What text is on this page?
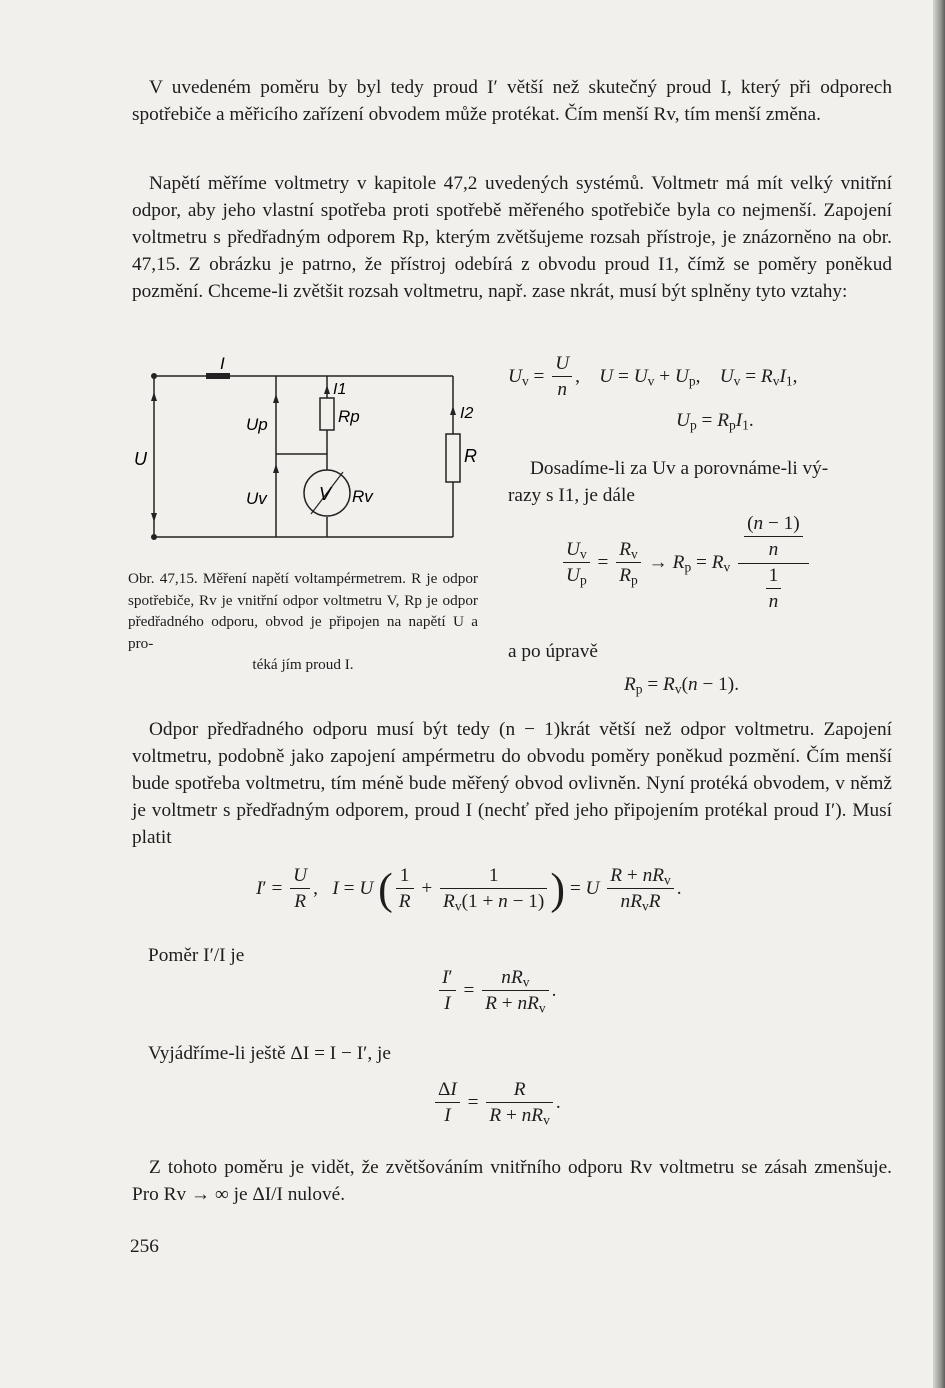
V uvedeném poměru by byl tedy proud I′ větší než skutečný proud I, který při odporech spotřebiče a měřicího zařízení obvodem může protékat. Čím menší Rv, tím menší změna.

Napětí měříme voltmetry v kapitole 47,2 uvedených systémů. Voltmetr má mít velký vnitřní odpor, aby jeho vlastní spotřeba proti spotřebě měřeného spotřebiče byla co nejmenší. Zapojení voltmetru s předřadným odporem Rp, kterým zvětšujeme rozsah přístroje, je znázorněno na obr. 47,15. Z obrázku je patrno, že přístroj odebírá z obvodu proud I1, čímž se poměry poněkud pozmění. Chceme-li zvětšit rozsah voltmetru, např. zase nkrát, musí být splněny tyto vztahy:

I
I1
I2
U
Up
Uv
Rp
R
V Rv

Obr. 47,15. Měření napětí voltampérmetrem. R je odpor spotřebiče, Rv je vnitřní odpor voltmetru V, Rp je odpor předřadného odporu, obvod je připojen na napětí U a pro-
téká jím proud I.

$U_v = \frac{U}{n}$ ,    $U = U_v + U_p$,    $U_v = R_vI_1$,
$U_p = R_pI_1$.

Dosadíme-li za Uv a porovnáme-li vý-

razy s I1, je dále

$\frac{U_v}{U_p} = \frac{R_v}{R_p} \to R_p = R_v \frac{\frac{(n - 1)}{n}}{\frac{1}{n}}$

a po úpravě

$R_p = R_v(n - 1)$.

Odpor předřadného odporu musí být tedy (n − 1)krát větší než odpor voltmetru. Zapojení voltmetru, podobně jako zapojení ampérmetru do obvodu poměry poněkud pozmění. Čím menší bude spotřeba voltmetru, tím méně bude měřený obvod ovlivněn. Nyní protéká obvodem, v němž je voltmetr s předřadným odporem, proud I (nechť před jeho připojením protékal proud I′). Musí platit

$I' = \frac{U}{R}$ ,   I = U ( $\frac{1}{R} + \frac{1}{R_v(1 + n - 1)}$ ) = U $\frac{R + nR_v}{nR_vR}$ .

Poměr I′/I je

$\frac{I'}{I} = \frac{nR_v}{R + nR_v}$ .

Vyjádříme-li ještě ΔI = I − I′, je

$\frac{\Delta I}{I} = \frac{R}{R + nR_v}$ .

Z tohoto poměru je vidět, že zvětšováním vnitřního odporu Rv voltmetru se zásah zmenšuje. Pro Rv → ∞ je ΔI/I nulové.

256
